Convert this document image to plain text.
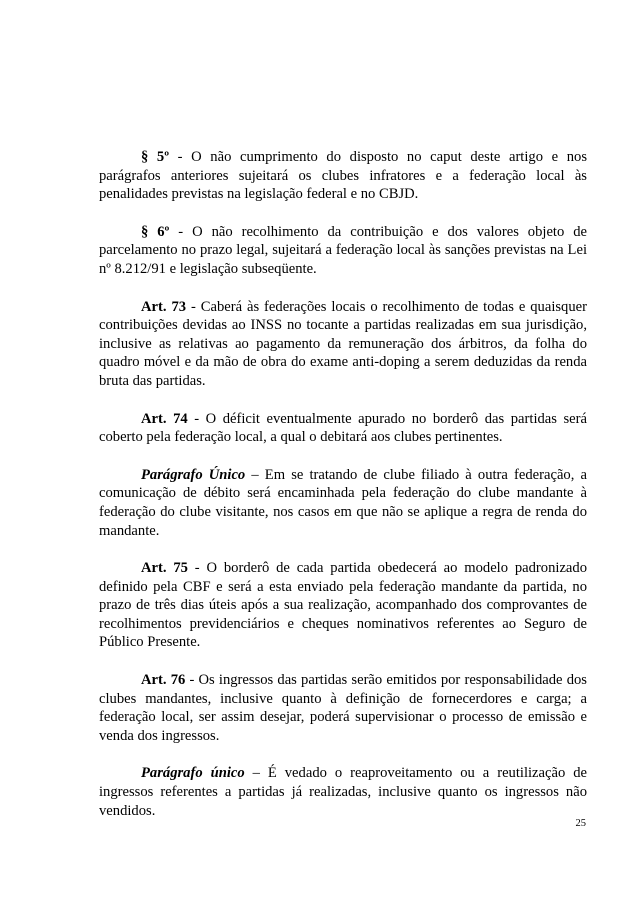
§ 5º - O não cumprimento do disposto no caput deste artigo e nos parágrafos anteriores sujeitará os clubes infratores e a federação local às penalidades previstas na legislação federal e no CBJD.

§ 6º - O não recolhimento da contribuição e dos valores objeto de parcelamento no prazo legal, sujeitará a federação local às sanções previstas na Lei nº 8.212/91 e legislação subseqüente.

Art. 73 - Caberá às federações locais o recolhimento de todas e quaisquer contribuições devidas ao INSS no tocante a partidas realizadas em sua jurisdição, inclusive as relativas ao pagamento da remuneração dos árbitros, da folha do quadro móvel e da mão de obra do exame anti-doping a serem deduzidas da renda bruta das partidas.

Art. 74 - O déficit eventualmente apurado no borderô das partidas será coberto pela federação local, a qual o debitará aos clubes pertinentes.

Parágrafo Único – Em se tratando de clube filiado à outra federação, a comunicação de débito será encaminhada pela federação do clube mandante à federação do clube visitante, nos casos em que não se aplique a regra de renda do mandante.

Art. 75 - O borderô de cada partida obedecerá ao modelo padronizado definido pela CBF e será a esta enviado pela federação mandante da partida, no prazo de três dias úteis após a sua realização, acompanhado dos comprovantes de recolhimentos previdenciários e cheques nominativos referentes ao Seguro de Público Presente.

Art. 76 - Os ingressos das partidas serão emitidos por responsabilidade dos clubes mandantes, inclusive quanto à definição de fornecerdores e carga; a federação local, ser assim desejar, poderá supervisionar o processo de emissão e venda dos ingressos.

Parágrafo único – É vedado o reaproveitamento ou a reutilização de ingressos referentes a partidas já realizadas, inclusive quanto os ingressos não vendidos.

25
